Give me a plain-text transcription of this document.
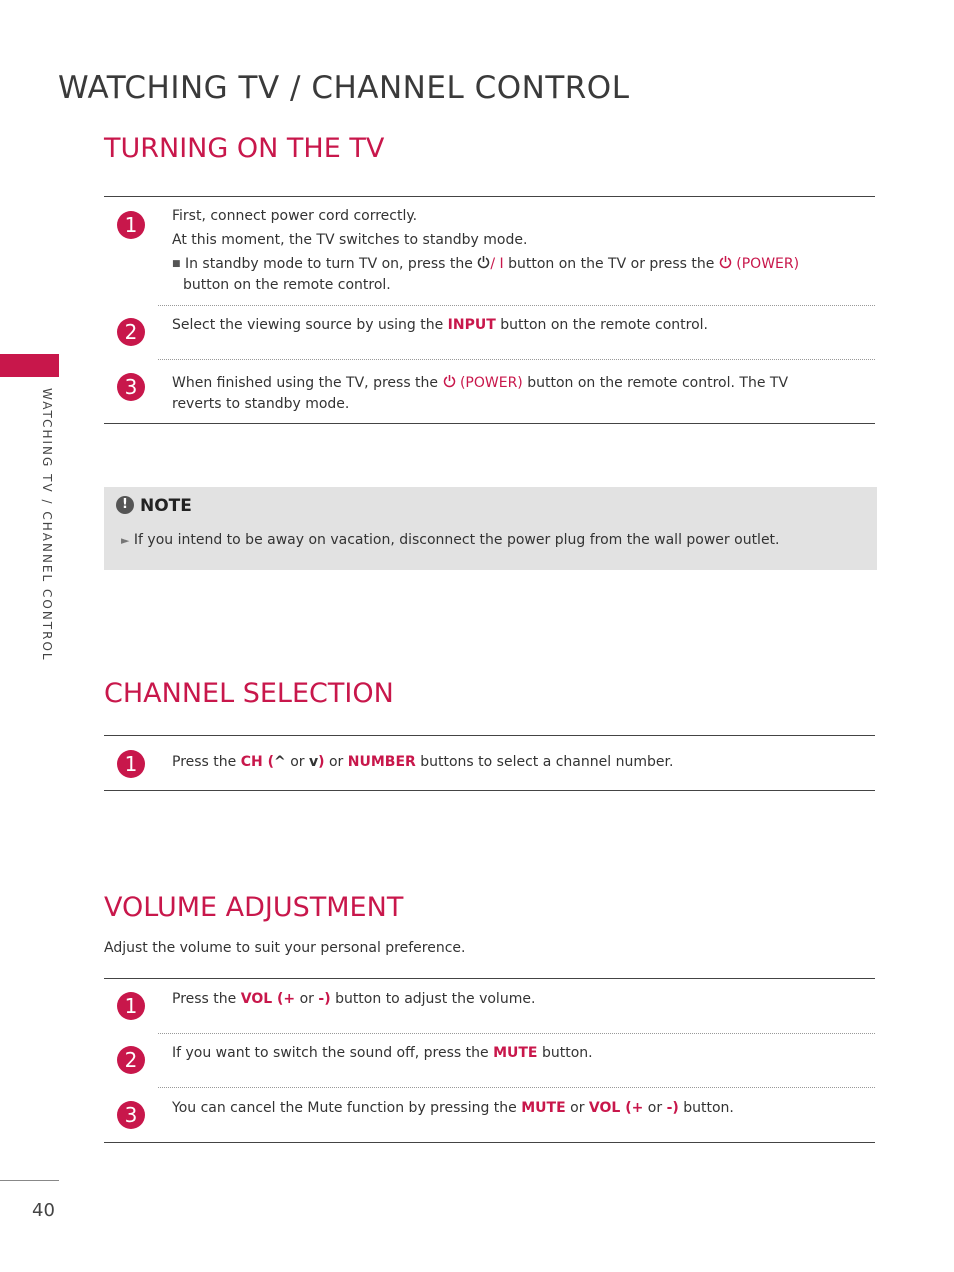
WATCHING TV / CHANNEL CONTROL
WATCHING TV / CHANNEL CONTROL
40
TURNING ON THE TV
1	First, connect power cord correctly.
At this moment, the TV switches to standby mode.
■ In standby mode to turn TV on, press the / I button on the TV or press the (POWER)
button on the remote control.
2	Select the viewing source by using the INPUT button on the remote control.
3	When finished using the TV, press the (POWER) button on the remote control. The TV
reverts to standby mode.
! NOTE
► If you intend to be away on vacation, disconnect the power plug from the wall power outlet.
CHANNEL SELECTION
1	Press the CH (^ or v) or NUMBER buttons to select a channel number.
VOLUME ADJUSTMENT
Adjust the volume to suit your personal preference.
1	Press the VOL (+ or -) button to adjust the volume.
2	If you want to switch the sound off, press the MUTE button.
3	You can cancel the Mute function by pressing the MUTE or VOL (+ or -) button.
